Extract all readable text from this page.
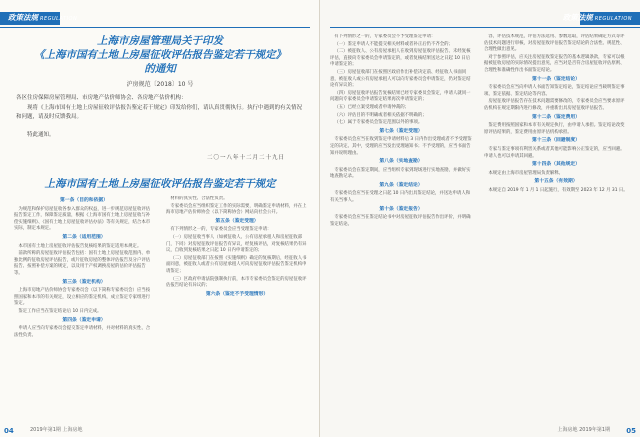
政策法规 REGULATION
上海市房屋管理局关于印发
《上海市国有土地上房屋征收评估报告鉴定若干规定》
的通知
沪房规范〔2018〕10 号
各区住房保障房屋管理局、市房地产估价师协会、各房地产估价机构：
现将《上海市国有土地上房屋征收评估报告鉴定若干规定》印发给你们，请认真贯彻执行。执行中遇到的有关情况和问题，请及时反馈我局。
特此通知。
二〇一八年十二月二十九日
上海市国有土地上房屋征收评估报告鉴定若干规定
第一条（目的和依据）

为规范和保护房屋征收各参入群众的权益，进一步规范房屋征收评估报告鉴定工作，保障鉴定质量，根据《上海市国有土地上房屋征收与补偿实施细则》、《国有土地上房屋征收评估办法》等有关规定，结合本市实际，制定本规定。

第二条（适用范围）

本市国有土地上房屋征收评估报告复核结果的鉴定适用本规定。

前款所称的房屋征收评估报告包括：国有土地上房屋征收范围内、单独比例的征收房屋评估报告，或片征收房屋的整体评估报告及分户评估报告、按照补偿方案的规定，以及用于产权调换房屋的估价评估报告等。

第三条（鉴定机构）

上海市房地产估价师协会专家委员会（以下简称专家委员会）应当按照国家和本市的有关规定，设立相应的鉴定机构，成立鉴定专家组进行鉴定。

鉴定工作应当在鉴定结论后 10 日内完成。

第四条（鉴定申请）

申请人应当向专家委员会提交鉴定申请材料，并对材料的真实性、合法性负责。

材料的真实性、合法性负责。

专家委员会应当组织鉴定工作的实际需要，明确鉴定申请材料，并在上海市房地产估价师协会（以下简称协会）网站向社会公开。

第五条（鉴定受理）

有下列情形之一的，专家委员会应当受理鉴定申请：

（一）房屋征收当事人（如被征收人、公有房屋承租人和房屋征收部门，下同）对房屋征收评估报告有异议，经复核评估，对复核结果仍有异议，自收到复核结果之日起 10 日内申请鉴定的；

（二）房屋征收部门在按照《实施细则》确定的复核期后，经征收人书面同意，被征收人或者公有房屋承租人可向房屋征收评估报告鉴定机构申请鉴定；

（三）区政府申请法院强制执行前，本市专家委员会鉴定的房屋征收评估报告结论有异议的；

第六条（鉴定不予受理情形）
04	2019年第1期 上海房地
政策法规 REGULATION

有下列情形之一的，专家委员会不予受理鉴定申请：

（一）鉴定申请人不能提交相关材料或者补正后仍不齐全的；

（二）被征收人、公有房屋承租人在收到房屋征收评估报告、未经复核评估，直接向专家委员会申请鉴定的，或者复核结果送达之日起 10 日后申请鉴定的；

（三）房屋征收部门在按照区政府作出补偿决定前、经征收人书面同意，被征收人或公有房屋承租人可以向专家委员会申请鉴定，仍对鉴定结论有异议的；

（四）房屋征收评估报告复核结果已经专家委员会鉴定，申请人就同一问题向专家委员会申请鉴定结果再次申请鉴定的；

（五）已经立案受理或者申请仲裁的；

（六）评估目的不明确或者相关依据不明确的；

（七）属于专家委员会鉴定范围以外的事项。

第七条（鉴定受理）

专家委员会应当在收到鉴定申请材料后 3 日内作出受理或者不予受理鉴定的决定。其中，受理的应当发出受理通知书；不予受理的，应当书面告知并说明理由。

第八条（实地查勘）

专家委员会在鉴定期间，应当组织专家到现场进行实地查勘，并做好实地查勘记录。

第九条（鉴定结论）

专家委员会应当在受理之日起 10 日内出具鉴定结论，并送达申请人和有关当事人。

第十条（鉴定报告）

专家委员会应当在鉴定结论书中对房屋征收评估报告作出评价，并明确鉴定结论。

容，评估技术规范，评估方法选用、参数选取，评估结果确定方式等评估技术问题进行审核，对房屋征收评估报告鉴定结论的合法性、规范性、合理性做出意见。

对于参照评估，应关注房屋征收鉴定报告的基本逻辑条款，专家可以根据被征收房屋的实际情况提出意见，应当对是否符合房屋征收评估原则、合理性和准确性作出书面鉴定结论。

第十一条（鉴定结论）

专家委员会应当向申请人书面告知鉴定结论，鉴定结论应当载明鉴定事项、鉴定依据、鉴定结论等内容。

房屋征收评估报告存在技术问题需要修改的，专家委员会应当要求原评估机构在规定期限内进行修改，并重新出具房屋征收评估报告。

第十二条（鉴定费用）

鉴定费用按照国家和本市有关规定执行，由申请人承担。鉴定结论改变原评估结果的，鉴定费用由原评估机构承担。

第十三条（回避制度）

专家与鉴定事项有利害关系或者其他可能影响公正鉴定的，应当回避。申请人也可以申请其回避。

第十四条（其他规定）

本规定由上海市房屋管理局负责解释。

第十五条（有效期）

本规定自 2019 年 1 月 1 日起施行，有效期至 2023 年 12 月 31 日。

05
上海房地 2019年第1期
